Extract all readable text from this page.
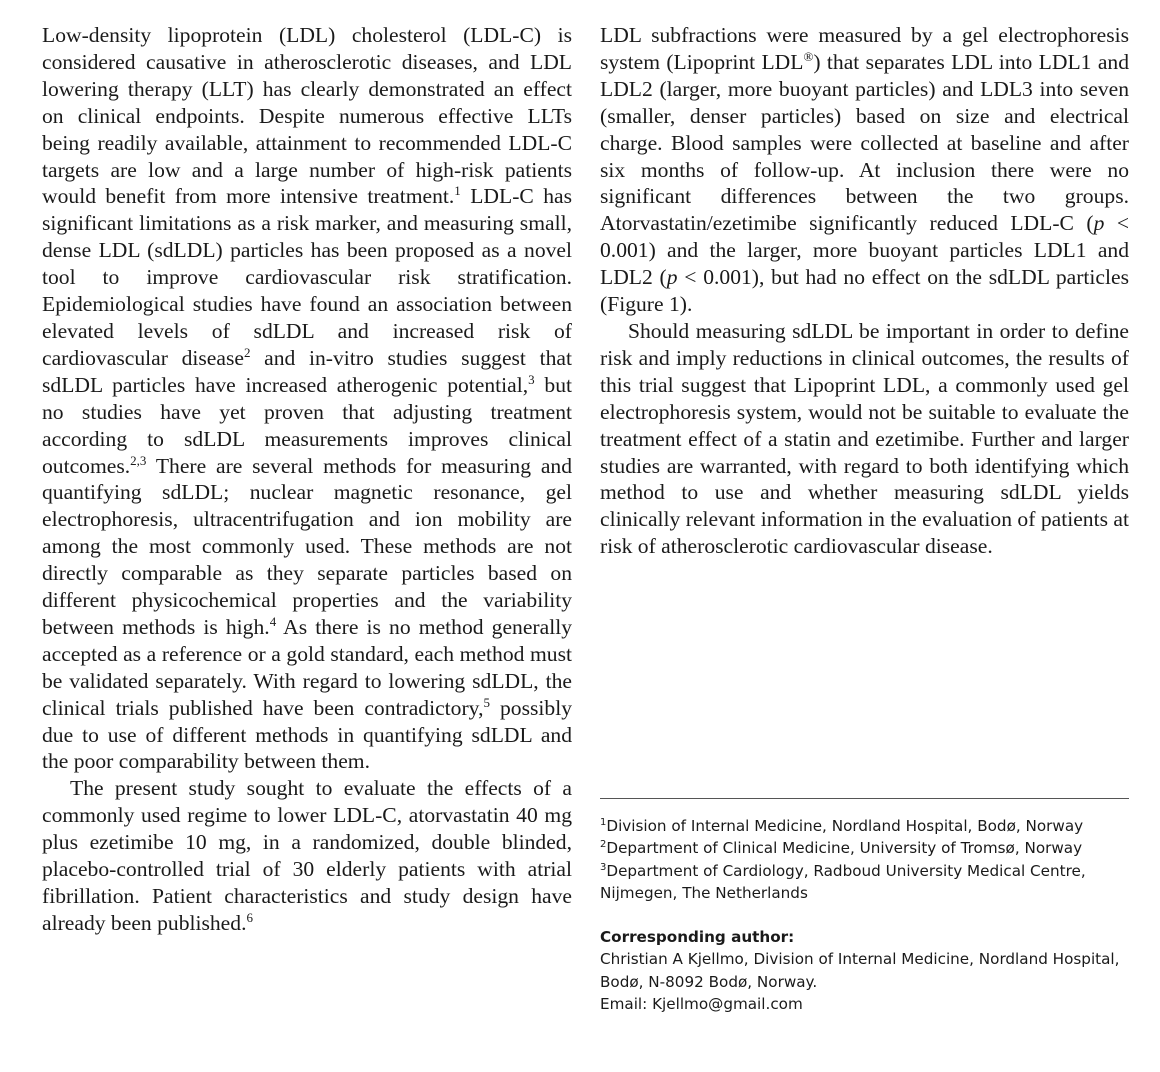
Low-density lipoprotein (LDL) cholesterol (LDL-C) is considered causative in atherosclerotic diseases, and LDL lowering therapy (LLT) has clearly demonstrated an effect on clinical endpoints. Despite numerous effective LLTs being readily available, attainment to recommended LDL-C targets are low and a large number of high-risk patients would benefit from more intensive treatment.$^1$ LDL-C has significant limitations as a risk marker, and measuring small, dense LDL (sdLDL) particles has been proposed as a novel tool to improve cardiovascular risk stratification. Epidemiological studies have found an association between elevated levels of sdLDL and increased risk of cardiovascular disease$^2$ and in-vitro studies suggest that sdLDL particles have increased atherogenic potential,$^3$ but no studies have yet proven that adjusting treatment according to sdLDL measurements improves clinical outcomes.$^{2,3}$ There are several methods for measuring and quantifying sdLDL; nuclear magnetic resonance, gel electrophoresis, ultracentrifugation and ion mobility are among the most commonly used. These methods are not directly comparable as they separate particles based on different physicochemical properties and the variability between methods is high.$^4$ As there is no method generally accepted as a reference or a gold standard, each method must be validated separately. With regard to lowering sdLDL, the clinical trials published have been contradictory,$^5$ possibly due to use of different methods in quantifying sdLDL and the poor comparability between them.

The present study sought to evaluate the effects of a commonly used regime to lower LDL-C, atorvastatin 40 mg plus ezetimibe 10 mg, in a randomized, double blinded, placebo-controlled trial of 30 elderly patients with atrial fibrillation. Patient characteristics and study design have already been published.$^6$

LDL subfractions were measured by a gel electrophoresis system (Lipoprint LDL®) that separates LDL into LDL1 and LDL2 (larger, more buoyant particles) and LDL3 into seven (smaller, denser particles) based on size and electrical charge. Blood samples were collected at baseline and after six months of follow-up. At inclusion there were no significant differences between the two groups. Atorvastatin/ezetimibe significantly reduced LDL-C (p < 0.001) and the larger, more buoyant particles LDL1 and LDL2 (p < 0.001), but had no effect on the sdLDL particles (Figure 1).

Should measuring sdLDL be important in order to define risk and imply reductions in clinical outcomes, the results of this trial suggest that Lipoprint LDL, a commonly used gel electrophoresis system, would not be suitable to evaluate the treatment effect of a statin and ezetimibe. Further and larger studies are warranted, with regard to both identifying which method to use and whether measuring sdLDL yields clinically relevant information in the evaluation of patients at risk of atherosclerotic cardiovascular disease.

$^1$Division of Internal Medicine, Nordland Hospital, Bodø, Norway

$^2$Department of Clinical Medicine, University of Tromsø, Norway

$^3$Department of Cardiology, Radboud University Medical Centre, Nijmegen, The Netherlands

Corresponding author:

Christian A Kjellmo, Division of Internal Medicine, Nordland Hospital, Bodø, N-8092 Bodø, Norway.

Email: Kjellmo@gmail.com
